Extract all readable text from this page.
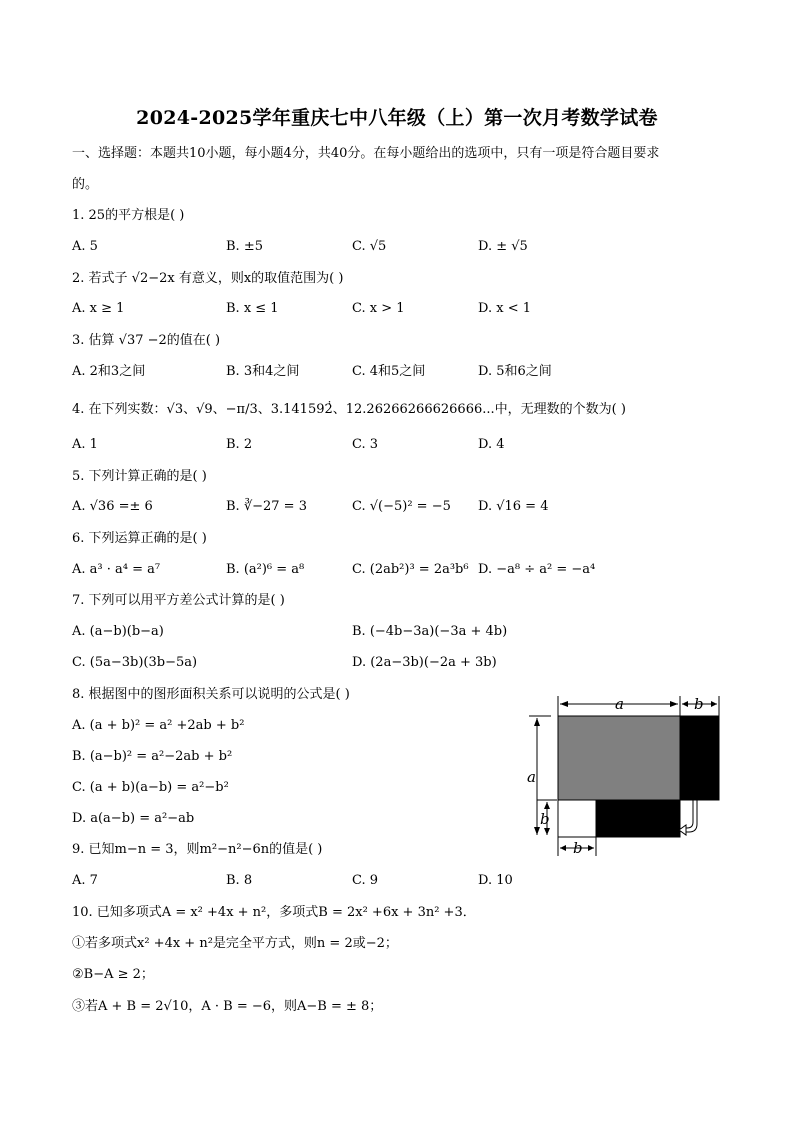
2024-2025学年重庆七中八年级（上）第一次月考数学试卷
一、选择题：本题共10小题，每小题4分，共40分。在每小题给出的选项中，只有一项是符合题目要求
的。
1. 25的平方根是( )
A. 5	B. ±5	C. √5	D. ± √5
2. 若式子 √2−2x 有意义，则x的取值范围为( )
A. x ≥ 1	B. x ≤ 1	C. x > 1	D. x < 1
3. 估算 √37 −2的值在( )
A. 2和3之间	B. 3和4之间	C. 4和5之间	D. 5和6之间
4. 在下列实数：√3、√9、−π/3、3.141592̇̇、12.26266266626666...中，无理数的个数为( )
A. 1	B. 2	C. 3	D. 4
5. 下列计算正确的是( )
A. √36 =± 6	B. ∛−27 = 3	C. √(−5)² = −5 D. √16 = 4
6. 下列运算正确的是( )
A. a³ · a⁴ = a⁷	B. (a²)⁶ = a⁸	C. (2ab²)³ = 2a³b⁶ D. −a⁸ ÷ a² = −a⁴
7. 下列可以用平方差公式计算的是( )
A. (a−b)(b−a)	B. (−4b−3a)(−3a + 4b)
C. (5a−3b)(3b−5a)	D. (2a−3b)(−2a + 3b)
8. 根据图中的图形面积关系可以说明的公式是( )
A. (a + b)² = a² +2ab + b²
B. (a−b)² = a²−2ab + b²
C. (a + b)(a−b) = a²−b²
D. a(a−b) = a²−ab
a	b
a
b
b
9. 已知m−n = 3，则m²−n²−6n的值是( )
A. 7	B. 8	C. 9	D. 10
10. 已知多项式A = x² +4x + n²，多项式B = 2x² +6x + 3n² +3．
①若多项式x² +4x + n²是完全平方式，则n = 2或−2；
②B−A ≥ 2；
③若A + B = 2√10，A · B = −6，则A−B = ± 8；
